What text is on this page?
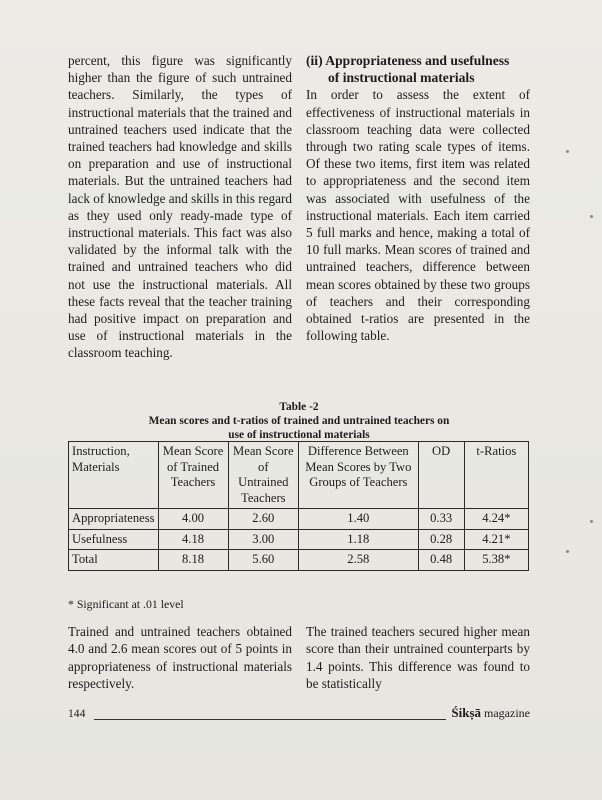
percent, this figure was significantly higher than the figure of such untrained teachers. Similarly, the types of instructional materials that the trained and untrained teachers used indicate that the trained teachers had knowledge and skills on preparation and use of instructional materials. But the untrained teachers had lack of knowledge and skills in this regard as they used only ready-made type of instructional materials. This fact was also validated by the informal talk with the trained and untrained teachers who did not use the instructional materials. All these facts reveal that the teacher training had positive impact on preparation and use of instructional materials in the classroom teaching.

(ii) Appropriateness and usefulness
of instructional materials

In order to assess the extent of effectiveness of instructional materials in classroom teaching data were collected through two rating scale types of items. Of these two items, first item was related to appropriateness and the second item was associated with usefulness of the instructional materials. Each item carried 5 full marks and hence, making a total of 10 full marks. Mean scores of trained and untrained teachers, difference between mean scores obtained by these two groups of teachers and their corresponding obtained t-ratios are presented in the following table.

Table -2
Mean scores and t-ratios of trained and untrained teachers on
use of instructional materials
Instruction, Materials	Mean Score of Trained Teachers	Mean Score of Untrained Teachers	Difference Between Mean Scores by Two Groups of Teachers	OD	t-Ratios
Appropriateness	4.00	2.60	1.40	0.33	4.24*
Usefulness	4.18	3.00	1.18	0.28	4.21*
Total	8.18	5.60	2.58	0.48	5.38*
* Significant at .01 level

Trained and untrained teachers obtained 4.0 and 2.6 mean scores out of 5 points in appropriateness of instructional materials respectively.

The trained teachers secured higher mean score than their untrained counterparts by 1.4 points. This difference was found to be statistically

144	Śikṣā magazine
